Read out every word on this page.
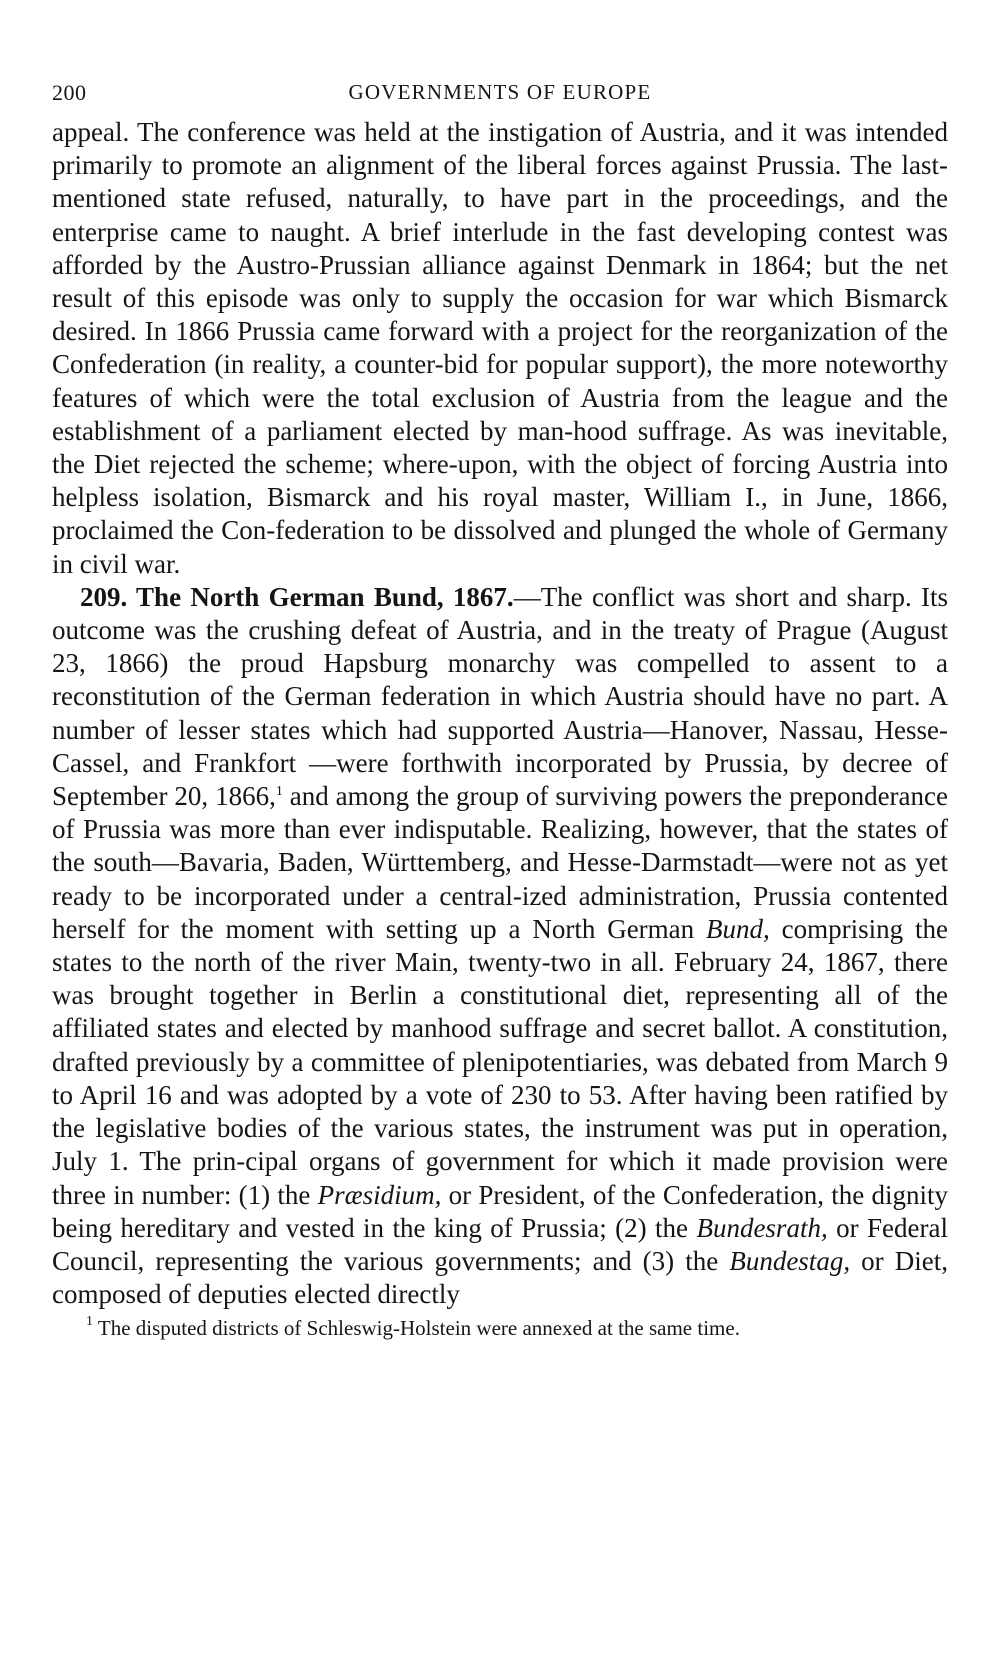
200	GOVERNMENTS OF EUROPE

appeal. The conference was held at the instigation of Austria, and it was intended primarily to promote an alignment of the liberal forces against Prussia. The last-mentioned state refused, naturally, to have part in the proceedings, and the enterprise came to naught. A brief interlude in the fast developing contest was afforded by the Austro-Prussian alliance against Denmark in 1864; but the net result of this episode was only to supply the occasion for war which Bismarck desired. In 1866 Prussia came forward with a project for the reorganization of the Confederation (in reality, a counter-bid for popular support), the more noteworthy features of which were the total exclusion of Austria from the league and the establishment of a parliament elected by man-hood suffrage. As was inevitable, the Diet rejected the scheme; where-upon, with the object of forcing Austria into helpless isolation, Bismarck and his royal master, William I., in June, 1866, proclaimed the Con-federation to be dissolved and plunged the whole of Germany in civil war.

209. The North German Bund, 1867.—The conflict was short and sharp. Its outcome was the crushing defeat of Austria, and in the treaty of Prague (August 23, 1866) the proud Hapsburg monarchy was compelled to assent to a reconstitution of the German federation in which Austria should have no part. A number of lesser states which had supported Austria—Hanover, Nassau, Hesse-Cassel, and Frankfort —were forthwith incorporated by Prussia, by decree of September 20, 1866,$^1$ and among the group of surviving powers the preponderance of Prussia was more than ever indisputable. Realizing, however, that the states of the south—Bavaria, Baden, Württemberg, and Hesse-Darmstadt—were not as yet ready to be incorporated under a central-ized administration, Prussia contented herself for the moment with setting up a North German Bund, comprising the states to the north of the river Main, twenty-two in all. February 24, 1867, there was brought together in Berlin a constitutional diet, representing all of the affiliated states and elected by manhood suffrage and secret ballot. A constitution, drafted previously by a committee of plenipotentiaries, was debated from March 9 to April 16 and was adopted by a vote of 230 to 53. After having been ratified by the legislative bodies of the various states, the instrument was put in operation, July 1. The prin-cipal organs of government for which it made provision were three in number: (1) the Præsidium, or President, of the Confederation, the dignity being hereditary and vested in the king of Prussia; (2) the Bundesrath, or Federal Council, representing the various governments; and (3) the Bundestag, or Diet, composed of deputies elected directly

$^1$ The disputed districts of Schleswig-Holstein were annexed at the same time.
